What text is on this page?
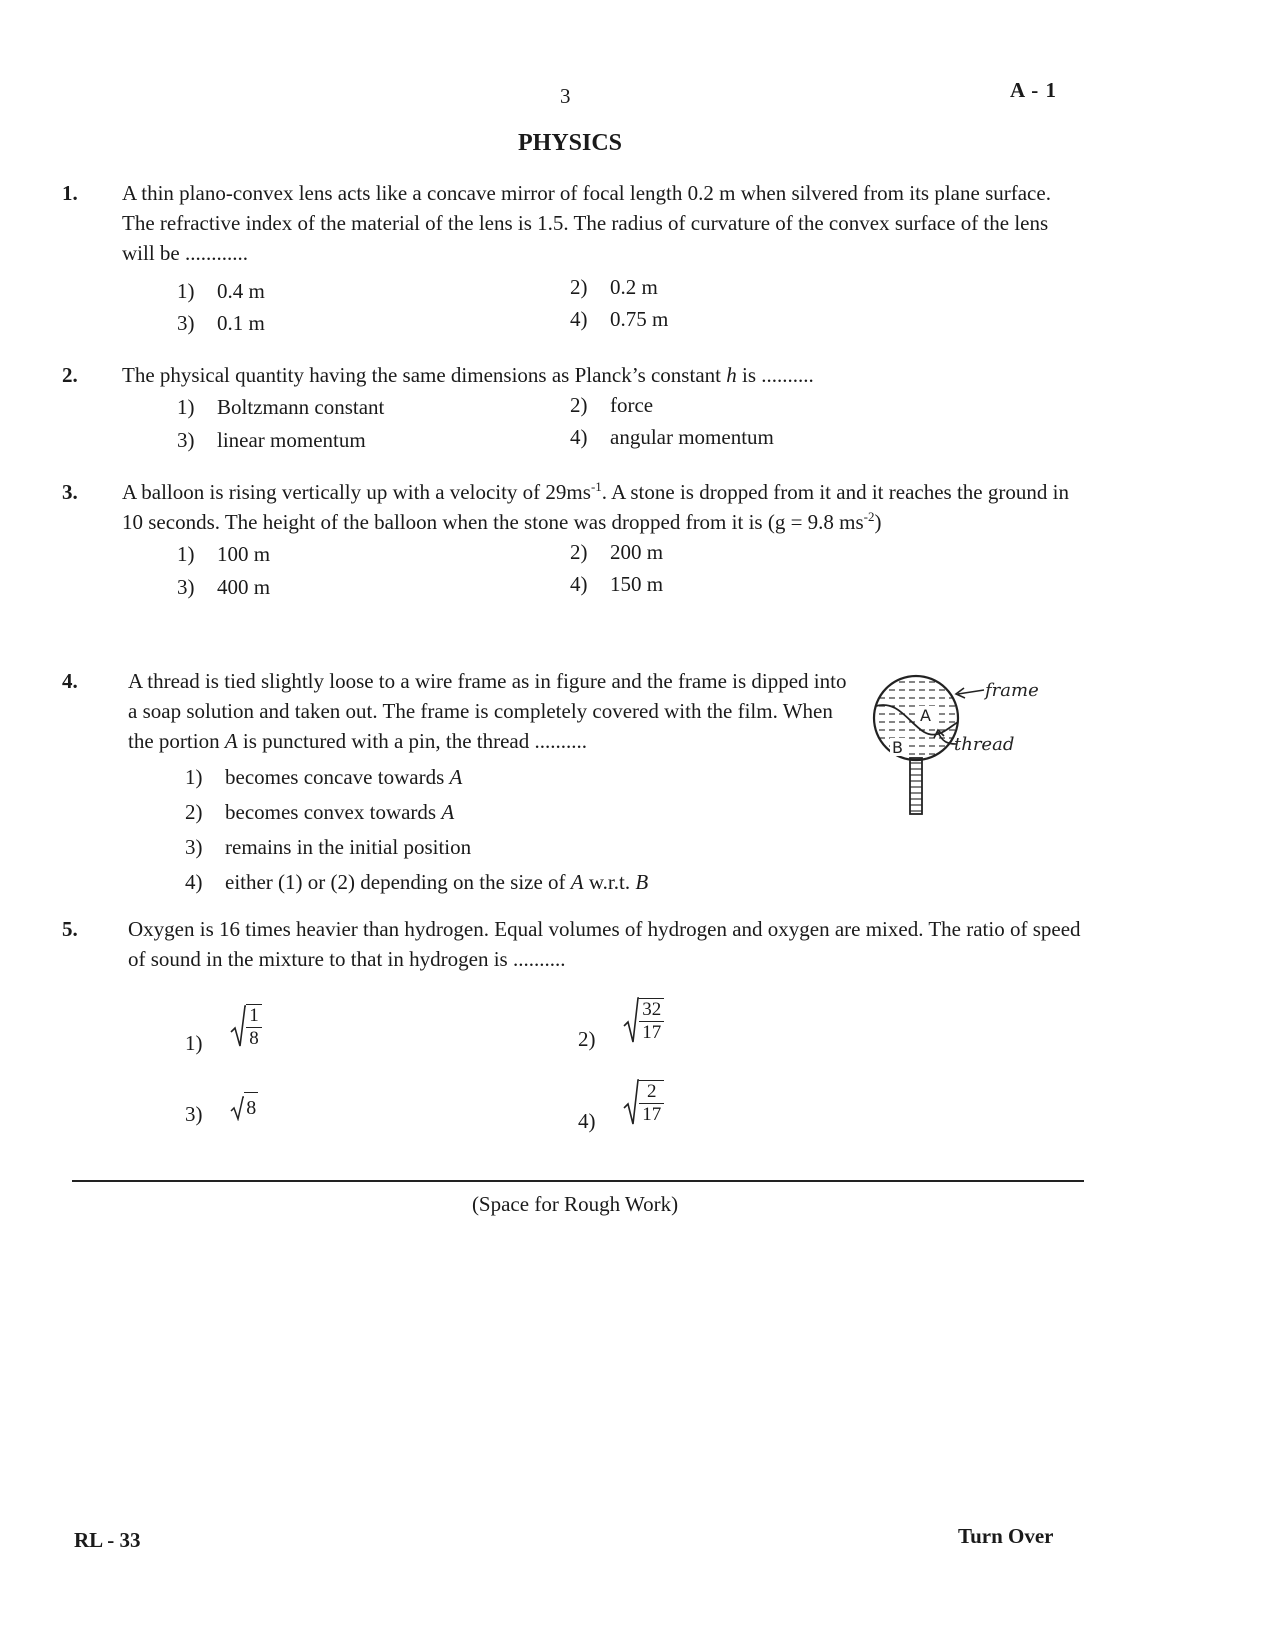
3	A - 1
PHYSICS
1. A thin plano-convex lens acts like a concave mirror of focal length 0.2 m when silvered from its plane surface. The refractive index of the material of the lens is 1.5. The radius of curvature of the convex surface of the lens will be ............
1) 0.4 m	2) 0.2 m
3) 0.1 m	4) 0.75 m
2. The physical quantity having the same dimensions as Planck’s constant h is ..........
1) Boltzmann constant	2) force
3) linear momentum	4) angular momentum
3. A balloon is rising vertically up with a velocity of $29ms^{-1}$. A stone is dropped from it and it reaches the ground in 10 seconds. The height of the balloon when the stone was dropped from it is (g = 9.8 $ms^{-2}$)
1) 100 m	2) 200 m
3) 400 m	4) 150 m
4. A thread is tied slightly loose to a wire frame as in figure and the frame is dipped into a soap solution and taken out. The frame is completely covered with the film. When the portion A is punctured with a pin, the thread ..........
1) becomes concave towards A
2) becomes convex towards A
3) remains in the initial position
4) either (1) or (2) depending on the size of A w.r.t. B
A
B
frame
thread
5. Oxygen is 16 times heavier than hydrogen. Equal volumes of hydrogen and oxygen are mixed. The ratio of speed of sound in the mixture to that in hydrogen is ..........
$1) \frac{1}{8}$	$2) \frac{32}{17}$
3) 8
$4) \frac{2}{17}$
(Space for Rough Work)
RL - 33	Turn Over
